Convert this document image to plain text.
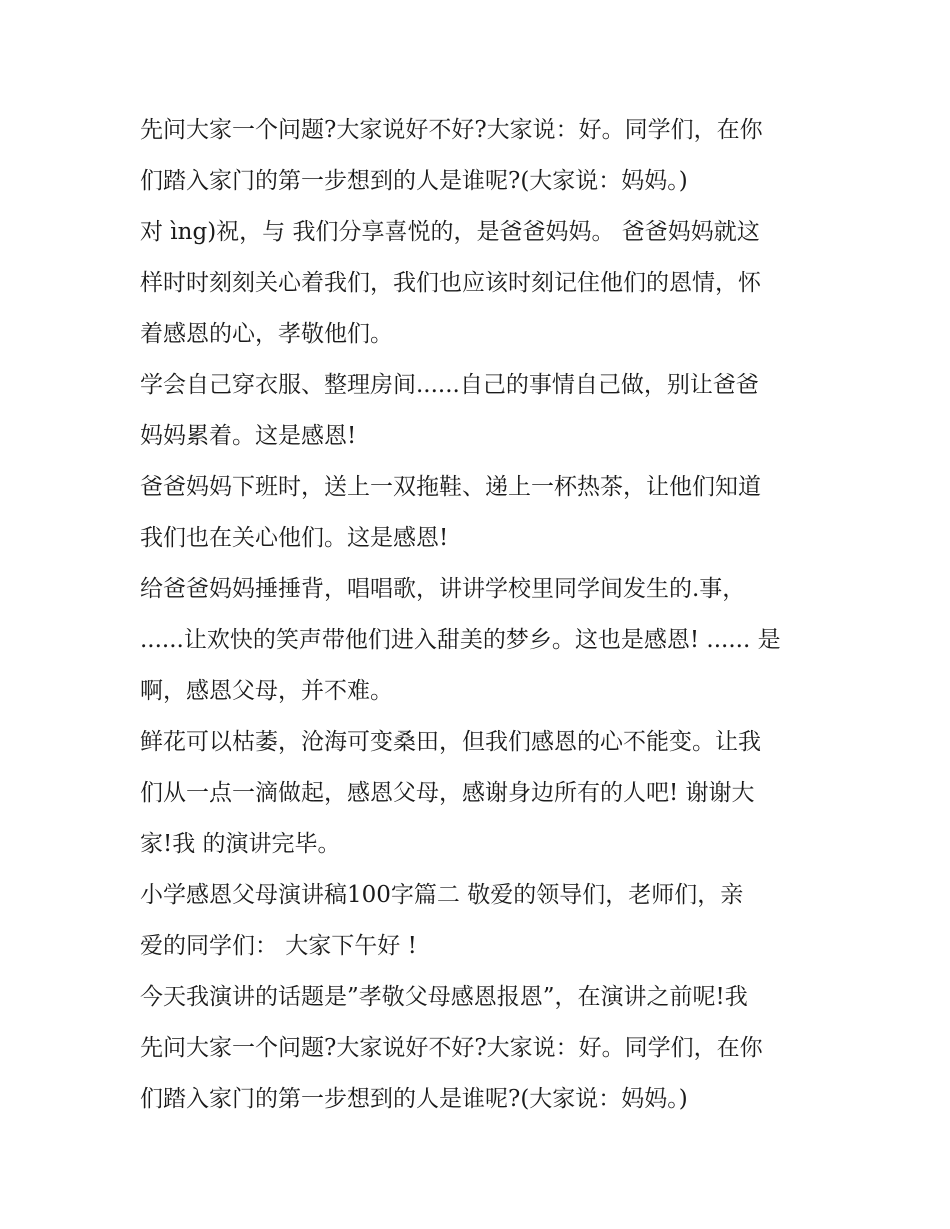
先问大家一个问题?大家说好不好?大家说：好。同学们，在你
们踏入家门的第一步想到的人是谁呢?(大家说：妈妈。)
对 ìng)祝，与 我们分享喜悦的，是爸爸妈妈。 爸爸妈妈就这
样时时刻刻关心着我们，我们也应该时刻记住他们的恩情，怀
着感恩的心，孝敬他们。
学会自己穿衣服、整理房间......自己的事情自己做，别让爸爸
妈妈累着。这是感恩!
爸爸妈妈下班时，送上一双拖鞋、递上一杯热茶，让他们知道
我们也在关心他们。这是感恩!
给爸爸妈妈捶捶背，唱唱歌，讲讲学校里同学间发生的.事，
......让欢快的笑声带他们进入甜美的梦乡。这也是感恩! ...... 是
啊，感恩父母，并不难。
鲜花可以枯萎，沧海可变桑田，但我们感恩的心不能变。让我
们从一点一滴做起，感恩父母，感谢身边所有的人吧! 谢谢大
家!我 的演讲完毕。
小学感恩父母演讲稿100字篇二 敬爱的领导们，老师们，亲
爱的同学们： 大家下午好 !
今天我演讲的话题是”孝敬父母感恩报恩”，在演讲之前呢!我
先问大家一个问题?大家说好不好?大家说：好。同学们，在你
们踏入家门的第一步想到的人是谁呢?(大家说：妈妈。)
